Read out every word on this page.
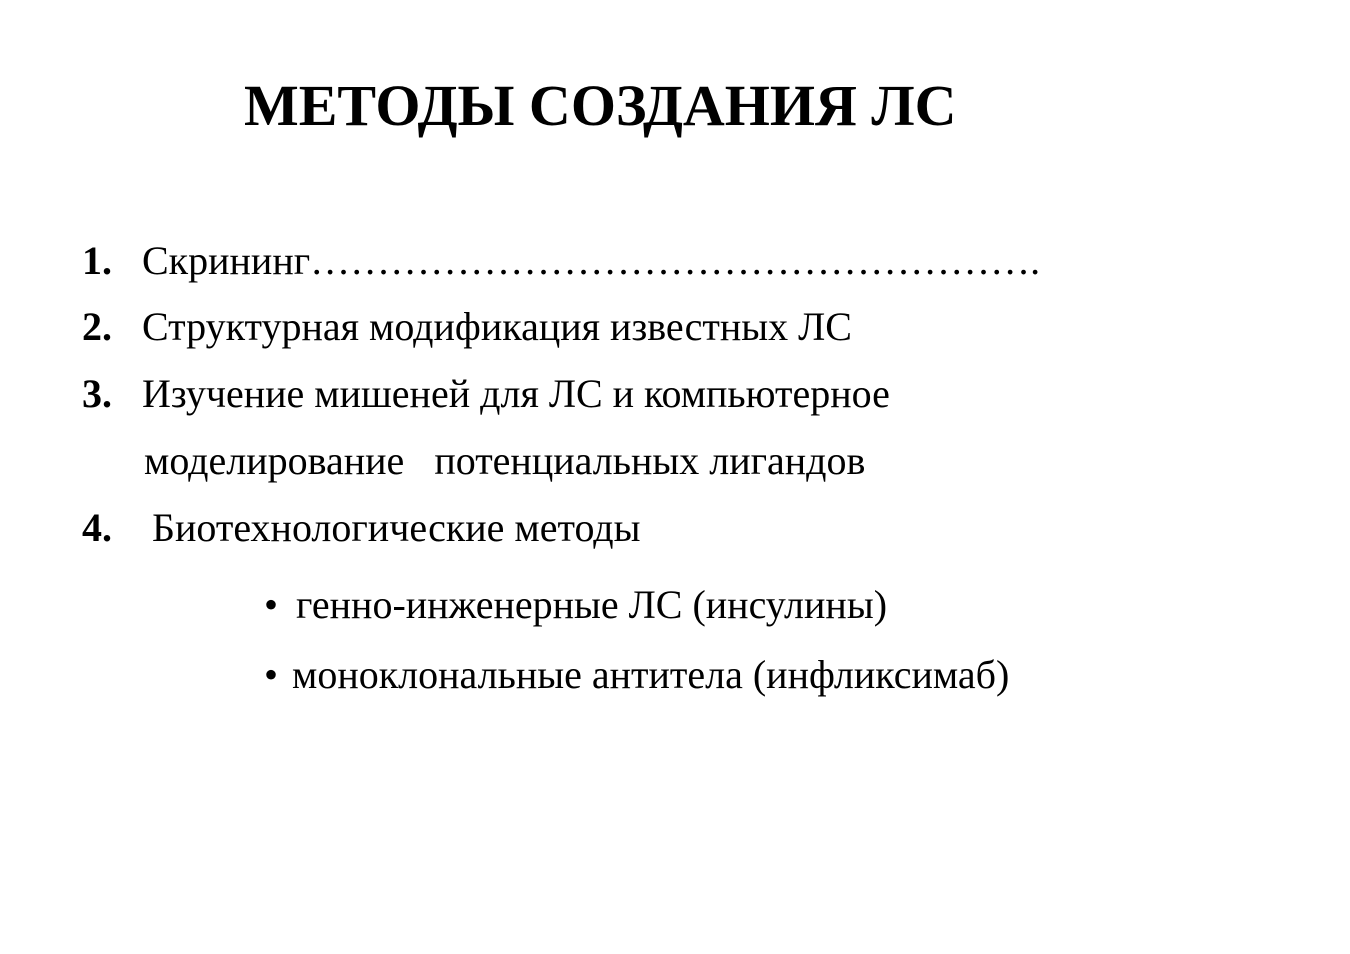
МЕТОДЫ СОЗДАНИЯ ЛС

1.

Скрининг……………………………………………….

2.

Структурная модификация известных ЛС

3.

Изучение мишеней для ЛС и компьютерное

моделирование   потенциальных лигандов

4.

Биотехнологические методы

•

генно-инженерные ЛС (инсулины)

•

моноклональные антитела (инфликсимаб)
